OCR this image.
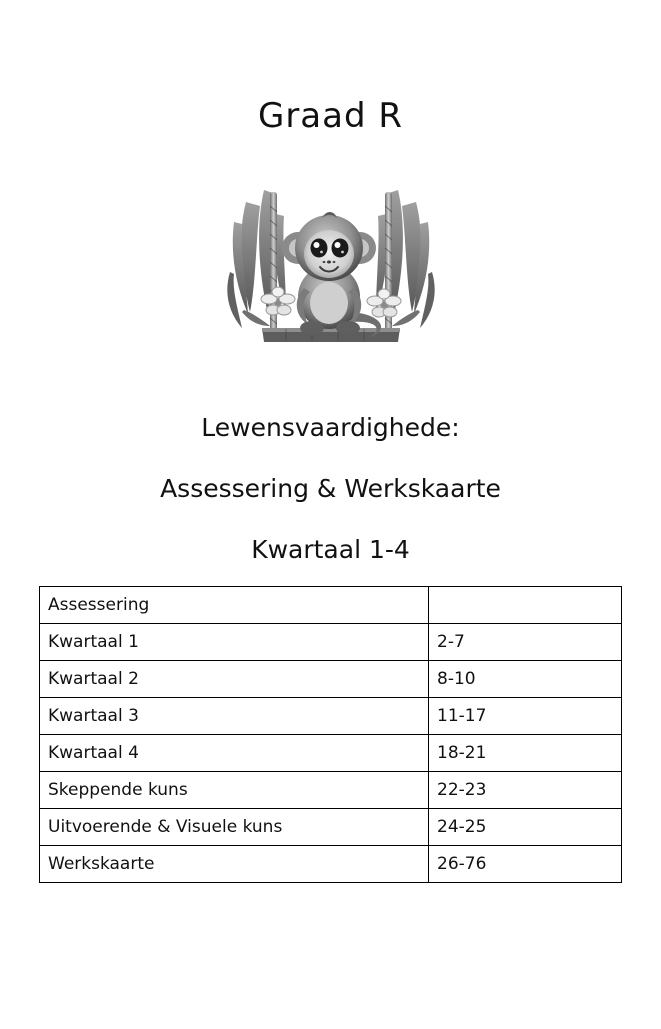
Graad R
Lewensvaardighede:
Assessering & Werkskaarte
Kwartaal 1-4
Assessering	
Kwartaal 1	2-7
Kwartaal 2	8-10
Kwartaal 3	11-17
Kwartaal 4	18-21
Skeppende kuns	22-23
Uitvoerende & Visuele kuns	24-25
Werkskaarte	26-76
